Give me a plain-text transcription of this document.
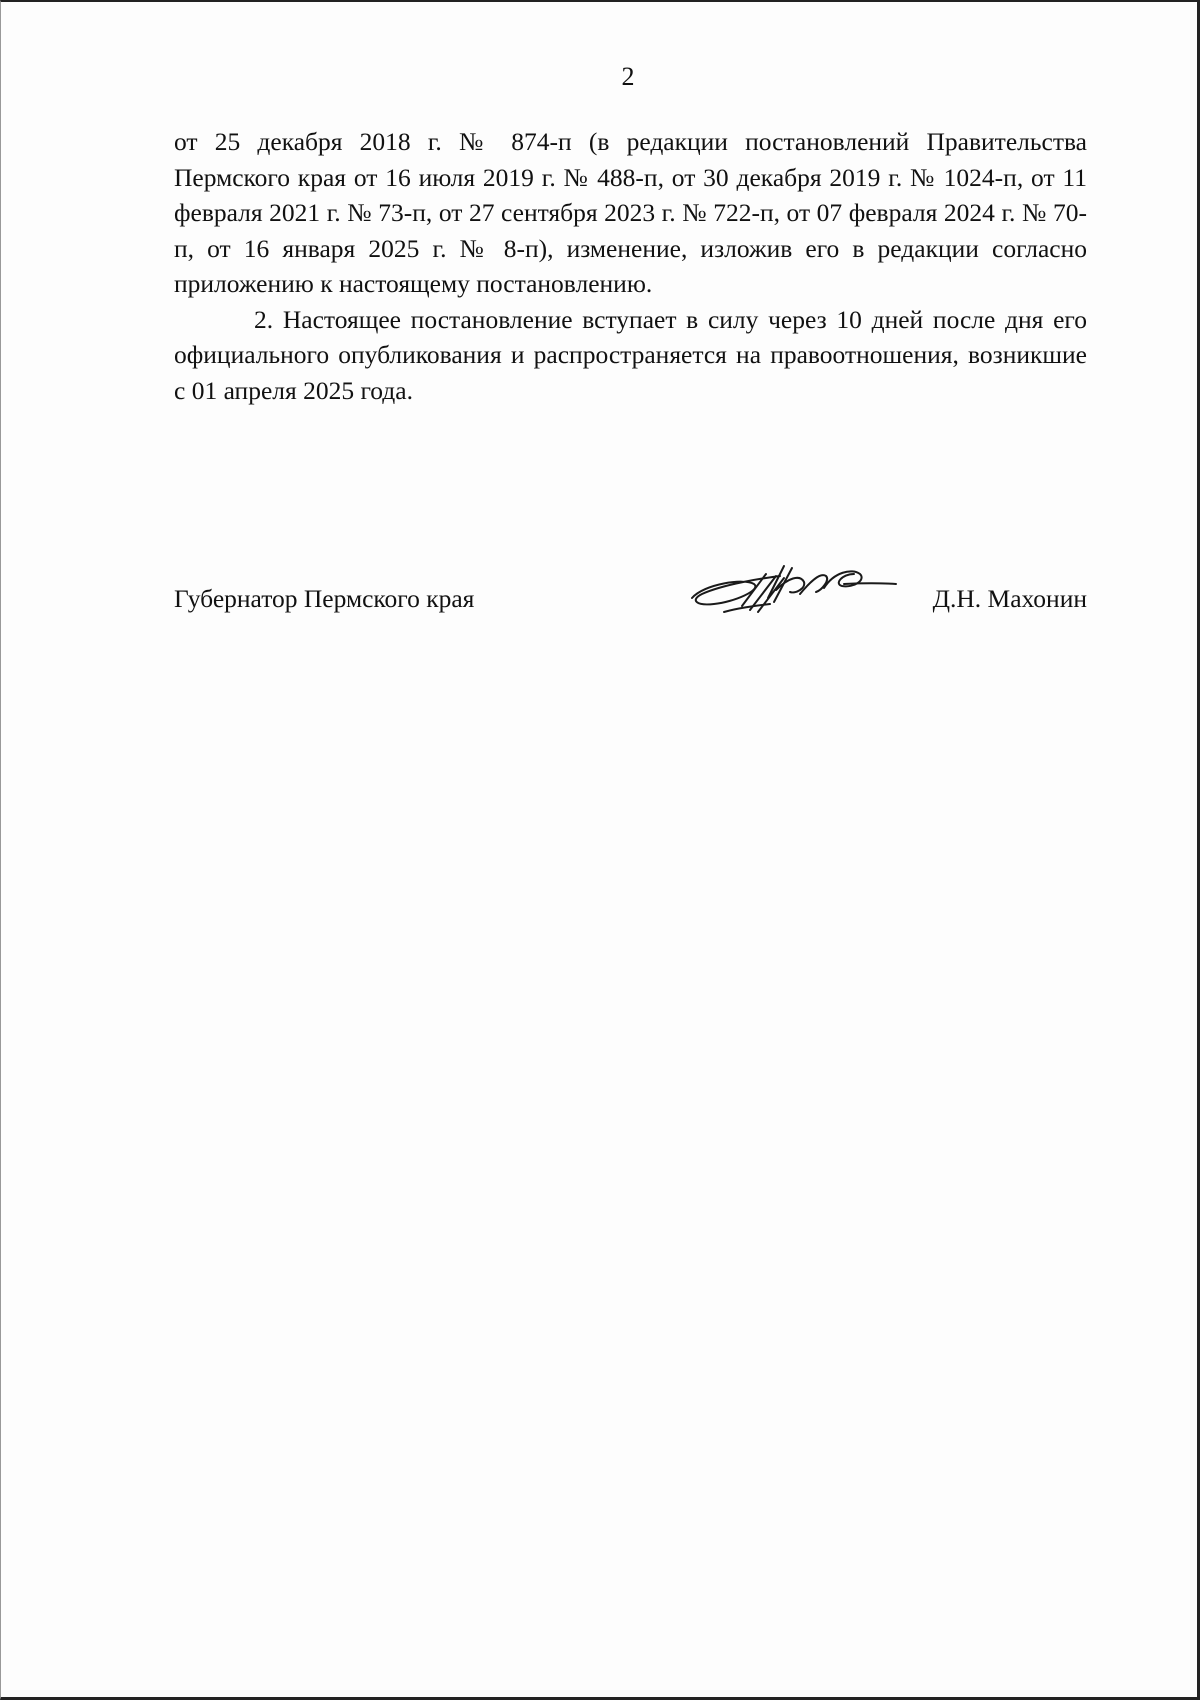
2

от 25 декабря 2018 г. № 874-п (в редакции постановлений Правительства Пермского края от 16 июля 2019 г. № 488-п, от 30 декабря 2019 г. № 1024-п, от 11 февраля 2021 г. № 73-п, от 27 сентября 2023 г. № 722-п, от 07 февраля 2024 г. № 70-п, от 16 января 2025 г. № 8-п), изменение, изложив его в редакции согласно приложению к настоящему постановлению.

2. Настоящее постановление вступает в силу через 10 дней после дня его официального опубликования и распространяется на правоотношения, возникшие с 01 апреля 2025 года.

Губернатор Пермского края	Д.Н. Махонин
